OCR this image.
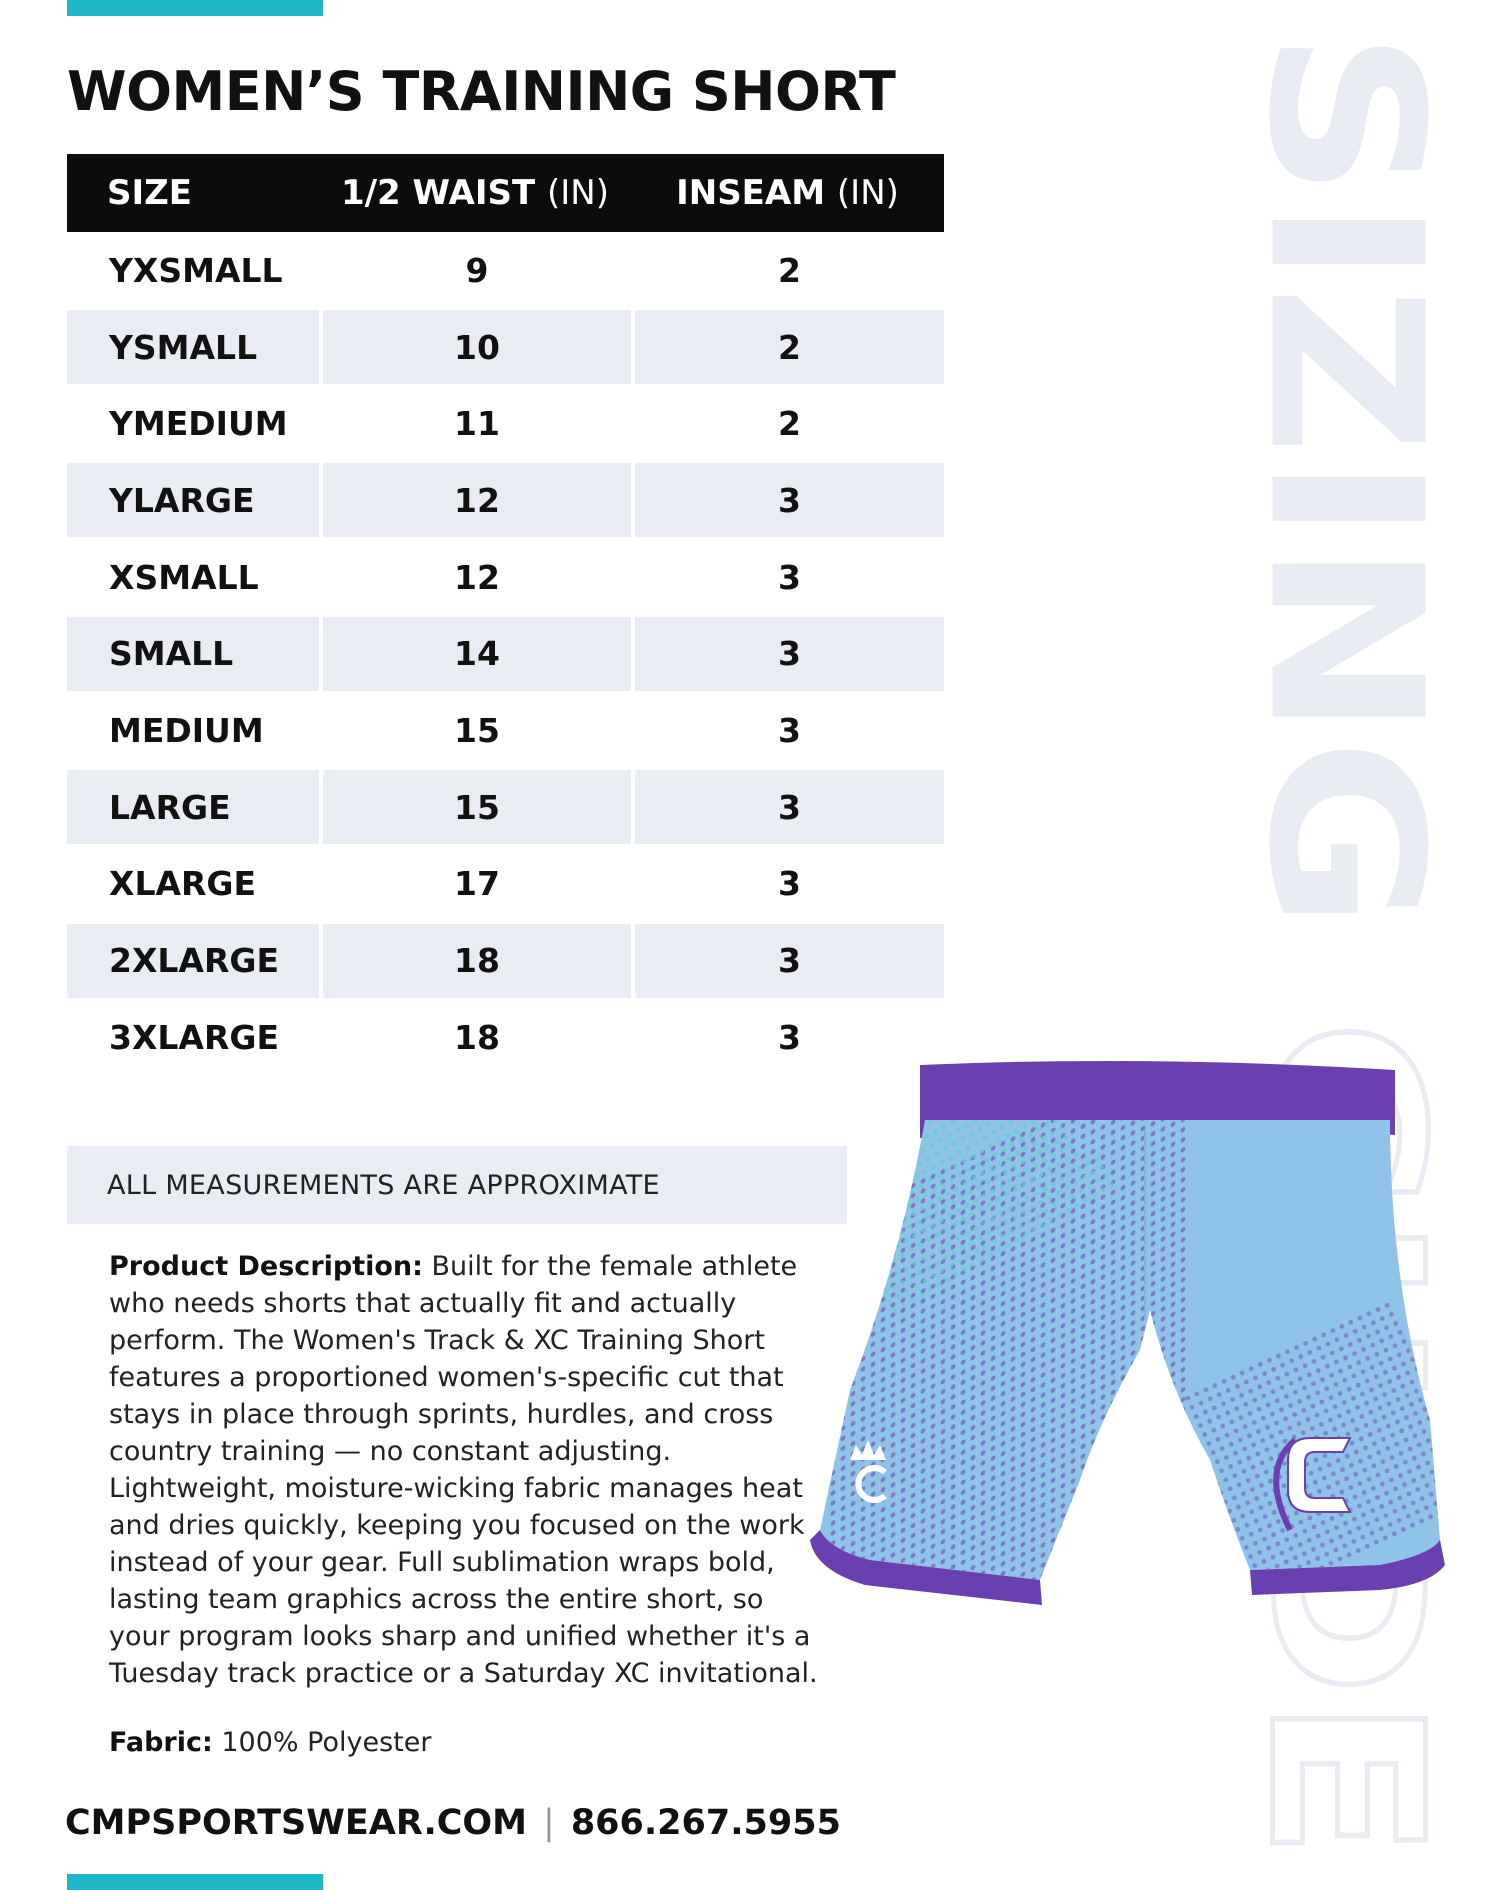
SIZING
WOMEN’S TRAINING SHORT
SIZE	1/2 WAIST (IN)	INSEAM (IN)
YXSMALL	9	2
YSMALL	10	2
YMEDIUM	11	2
YLARGE	12	3
XSMALL	12	3
SMALL	14	3
MEDIUM	15	3
LARGE	15	3
XLARGE	17	3
2XLARGE	18	3
3XLARGE	18	3
ALL MEASUREMENTS ARE APPROXIMATE
Product Description: Built for the female athlete who needs shorts that actually fit and actually perform. The Women's Track & XC Training Short features a proportioned women's-specific cut that stays in place through sprints, hurdles, and cross country training — no constant adjusting. Lightweight, moisture-wicking fabric manages heat and dries quickly, keeping you focused on the work instead of your gear. Full sublimation wraps bold, lasting team graphics across the entire short, so your program looks sharp and unified whether it's a Tuesday track practice or a Saturday XC invitational.
Fabric: 100% Polyester
CMPSPORTSWEAR.COM | 866.267.5955
